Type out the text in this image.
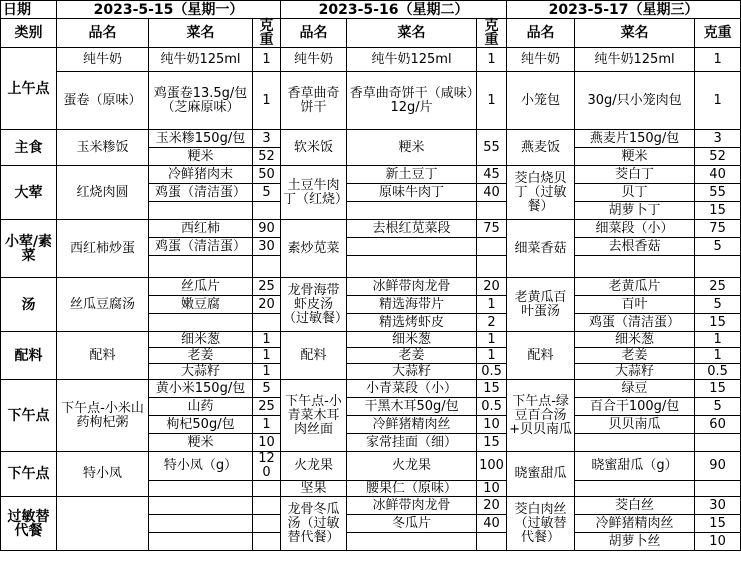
日期	2023-5-15（星期一）			2023-5-16（星期二）			2023-5-17（星期三）		
类别	品名	菜名	克重	品名	菜名	克重	品名	菜名	克重
上午点	纯牛奶	纯牛奶125ml	1	纯牛奶	纯牛奶125ml	1	纯牛奶	纯牛奶125ml	1
	蛋卷（原味）	鸡蛋卷13.5g/包（芝麻原味）	1	香草曲奇饼干	香草曲奇饼干（咸味）12g/片	1	小笼包	30g/只小笼肉包	1
主食	玉米糁饭	玉米糁150g/包	3	软米饭	粳米	55	燕麦饭	燕麦片150g/包	3
		粳米	52					粳米	52
大荤	红烧肉圆	冷鲜猪肉末	50	土豆牛肉丁（红烧）	新土豆丁	45	茭白烧贝丁（过敏餐）	茭白丁	40
		鸡蛋（清洁蛋）	5		原味牛肉丁	40		贝丁	55
								胡萝卜丁	15
小荤/素菜	西红柿炒蛋	西红柿	90	素炒苋菜	去根红苋菜段	75	细菜香菇	细菜段（小）	75
		鸡蛋（清洁蛋）	30					去根香菇	5

汤	丝瓜豆腐汤	丝瓜片	25	龙骨海带虾皮汤（过敏餐）	冰鲜带肉龙骨	20	老黄瓜百叶蛋汤	老黄瓜片	25
		嫩豆腐	20		精选海带片	1		百叶	5
					精选烤虾皮	2		鸡蛋（清洁蛋）	15
配料	配料	细米葱	1	配料	细米葱	1	配料	细米葱	1
		老姜	1		老姜	1		老姜	1
		大蒜籽	1		大蒜籽	0.5		大蒜籽	0.5
下午点	下午点-小米山药枸杞粥	黄小米150g/包	5	下午点-小青菜木耳肉丝面	小青菜段（小）	15	下午点-绿豆百合汤+贝贝南瓜	绿豆	15
		山药	25		干黑木耳50g/包	0.5		百合干100g/包	5
		枸杞50g/包	1		冷鲜猪精肉丝	10		贝贝南瓜	60
		粳米	10		家常挂面（细）	15			
下午点	特小凤	特小凤（g）	120	火龙果	火龙果	100	晓蜜甜瓜	晓蜜甜瓜（g）	90
				坚果	腰果仁（原味）	10			
过敏替代餐				龙骨冬瓜汤（过敏替代餐）	冰鲜带肉龙骨	20	茭白肉丝（过敏替代餐）	茭白丝	30
					冬瓜片	40		冷鲜猪精肉丝	15
								胡萝卜丝	10
